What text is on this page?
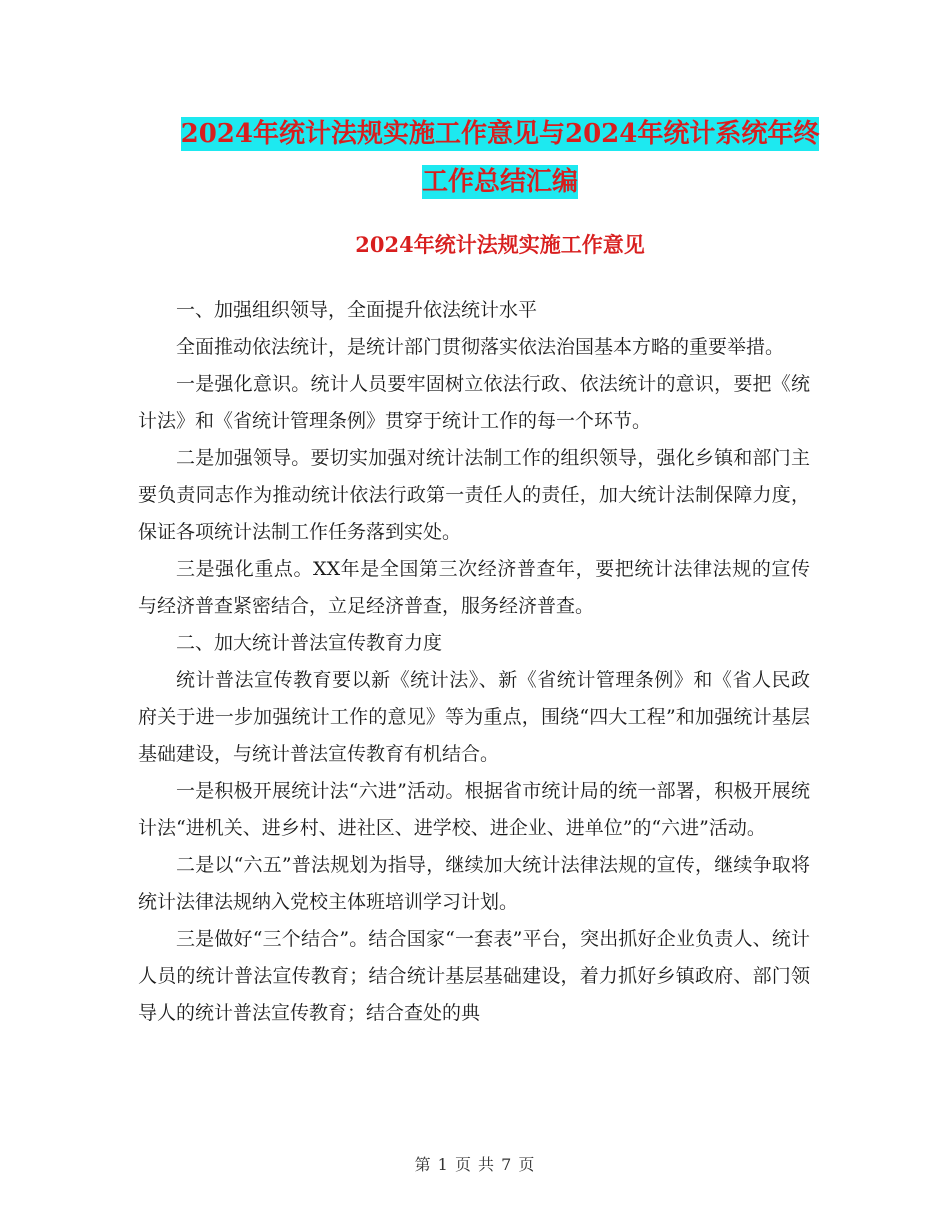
2024年统计法规实施工作意见与2024年统计系统年终
工作总结汇编
2024年统计法规实施工作意见

一、加强组织领导，全面提升依法统计水平

全面推动依法统计，是统计部门贯彻落实依法治国基本方略的重要举措。

一是强化意识。统计人员要牢固树立依法行政、依法统计的意识，要把《统计法》和《省统计管理条例》贯穿于统计工作的每一个环节。

二是加强领导。要切实加强对统计法制工作的组织领导，强化乡镇和部门主要负责同志作为推动统计依法行政第一责任人的责任，加大统计法制保障力度，保证各项统计法制工作任务落到实处。

三是强化重点。XX年是全国第三次经济普查年，要把统计法律法规的宣传与经济普查紧密结合，立足经济普查，服务经济普查。

二、加大统计普法宣传教育力度

统计普法宣传教育要以新《统计法》、新《省统计管理条例》和《省人民政府关于进一步加强统计工作的意见》等为重点，围绕“四大工程”和加强统计基层基础建设，与统计普法宣传教育有机结合。

一是积极开展统计法“六进”活动。根据省市统计局的统一部署，积极开展统计法“进机关、进乡村、进社区、进学校、进企业、进单位”的“六进”活动。

二是以“六五”普法规划为指导，继续加大统计法律法规的宣传，继续争取将统计法律法规纳入党校主体班培训学习计划。

三是做好“三个结合”。结合国家“一套表”平台，突出抓好企业负责人、统计人员的统计普法宣传教育；结合统计基层基础建设，着力抓好乡镇政府、部门领导人的统计普法宣传教育；结合查处的典

第 1 页 共 7 页
